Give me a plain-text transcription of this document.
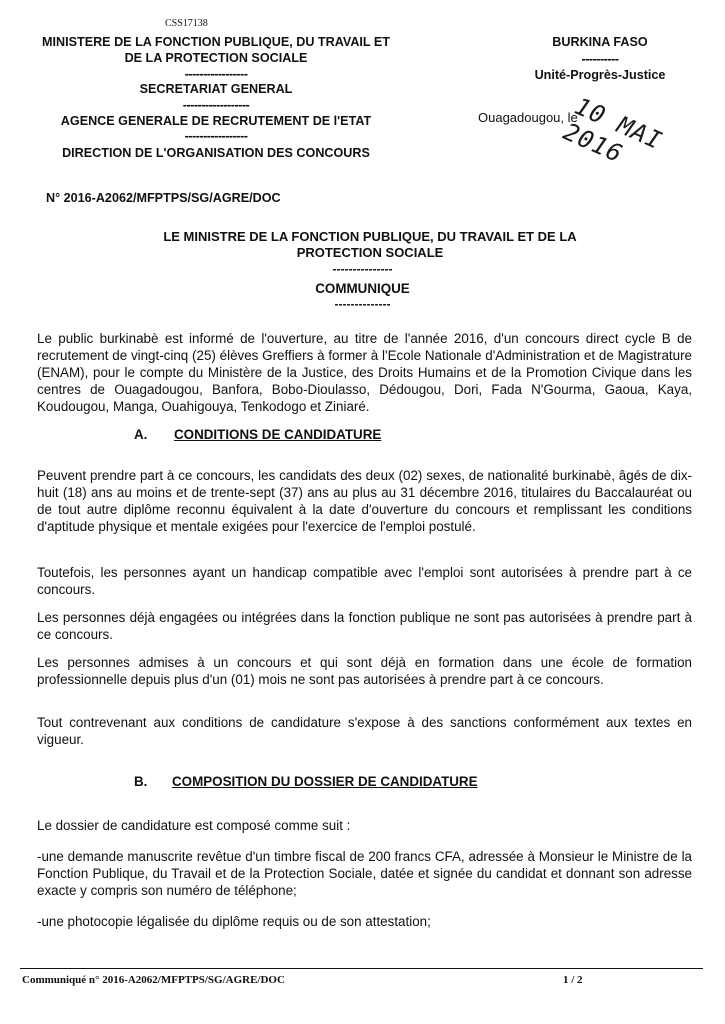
CSS17138
MINISTERE DE LA FONCTION PUBLIQUE, DU TRAVAIL ET
DE LA PROTECTION SOCIALE
-----------------
SECRETARIAT GENERAL
------------------
AGENCE GENERALE DE RECRUTEMENT DE l'ETAT
-----------------
DIRECTION DE L'ORGANISATION DES CONCOURS
BURKINA FASO
----------
Unité-Progrès-Justice
Ouagadougou, le
10 MAI 2016
N° 2016-A2062/MFPTPS/SG/AGRE/DOC
LE MINISTRE DE LA FONCTION PUBLIQUE, DU TRAVAIL ET DE LA
PROTECTION SOCIALE
---------------
COMMUNIQUE
--------------
Le public burkinabè est informé de l'ouverture, au titre de l'année 2016, d'un concours direct cycle B de recrutement de vingt-cinq (25) élèves Greffiers à former à l'Ecole Nationale d'Administration et de Magistrature (ENAM), pour le compte du Ministère de la Justice, des Droits Humains et de la Promotion Civique dans les centres de Ouagadougou, Banfora, Bobo-Dioulasso, Dédougou, Dori, Fada N'Gourma, Gaoua, Kaya, Koudougou, Manga, Ouahigouya, Tenkodogo et Ziniaré.
A. CONDITIONS DE CANDIDATURE
Peuvent prendre part à ce concours, les candidats des deux (02) sexes, de nationalité burkinabè, âgés de dix-huit (18) ans au moins et de trente-sept (37) ans au plus au 31 décembre 2016, titulaires du Baccalauréat ou de tout autre diplôme reconnu équivalent à la date d'ouverture du concours et remplissant les conditions d'aptitude physique et mentale exigées pour l'exercice de l'emploi postulé.
Toutefois, les personnes ayant un handicap compatible avec l'emploi sont autorisées à prendre part à ce concours.
Les personnes déjà engagées ou intégrées dans la fonction publique ne sont pas autorisées à prendre part à ce concours.
Les personnes admises à un concours et qui sont déjà en formation dans une école de formation professionnelle depuis plus d'un (01) mois ne sont pas autorisées à prendre part à ce concours.
Tout contrevenant aux conditions de candidature s'expose à des sanctions conformément aux textes en vigueur.
B. COMPOSITION DU DOSSIER DE CANDIDATURE
Le dossier de candidature est composé comme suit :
-une demande manuscrite revêtue d'un timbre fiscal de 200 francs CFA, adressée à Monsieur le Ministre de la Fonction Publique, du Travail et de la Protection Sociale, datée et signée du candidat et donnant son adresse exacte y compris son numéro de téléphone;
-une photocopie légalisée du diplôme requis ou de son attestation;
Communiqué n° 2016-A2062/MFPTPS/SG/AGRE/DOC	1 / 2
